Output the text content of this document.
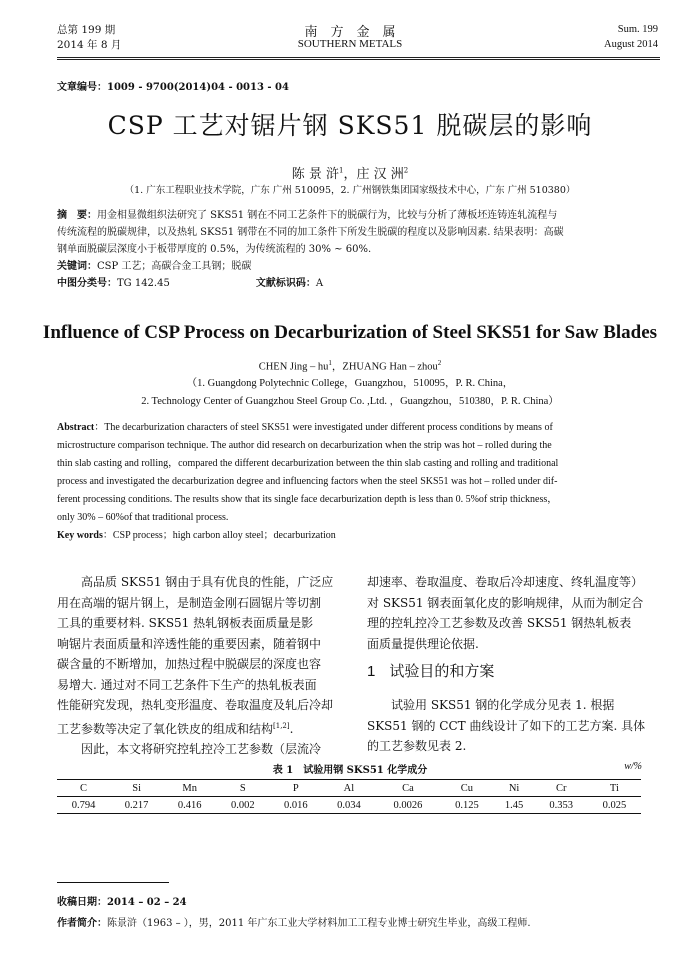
总第 199 期
2014 年 8 月
南　方　金　属
SOUTHERN METALS
Sum. 199
August 2014
文章编号：1009 - 9700(2014)04 - 0013 - 04
CSP 工艺对锯片钢 SKS51 脱碳层的影响
陈 景 浒$^1$，庄 汉 洲$^2$
（1. 广东工程职业技术学院，广东 广州 510095，2. 广州钢铁集团国家级技术中心，广东 广州 510380）

摘　要：用金相显微组织法研究了 SKS51 钢在不同工艺条件下的脱碳行为，比较与分析了薄板坯连铸连轧流程与

传统流程的脱碳规律，以及热轧 SKS51 钢带在不同的加工条件下所发生脱碳的程度以及影响因素. 结果表明：高碳

钢单面脱碳层深度小于板带厚度的 0.5%，为传统流程的 30% ~ 60%.

关键词：CSP 工艺；高碳合金工具钢；脱碳

中图分类号：TG 142.45	文献标识码：A

Influence of CSP Process on Decarburization of Steel SKS51 for Saw Blades
CHEN Jing – $hu^1$，ZHUANG Han – zhou$^2$
（1. Guangdong Polytechnic College，Guangzhou，510095，P. R. China，
2. Technology Center of Guangzhou Steel Group Co. ,Ltd. ，Guangzhou，510380，P. R. China）

Abstract：The decarburization characters of steel SKS51 were investigated under different process conditions by means of

microstructure comparison technique. The author did research on decarburization when the strip was hot – rolled during the

thin slab casting and rolling，compared the different decarburization between the thin slab casting and rolling and traditional

process and investigated the decarburization degree and influencing factors when the steel SKS51 was hot – rolled under dif-

ferent processing conditions. The results show that its single face decarburization depth is less than 0. 5%of strip thickness，

only 30% – 60%of that traditional process.

Key words：CSP process；high carbon alloy steel；decarburization

高品质 SKS51 钢由于具有优良的性能，广泛应

用在高端的锯片钢上，是制造金刚石圆锯片等切割

工具的重要材料. SKS51 热轧钢板表面质量是影

响锯片表面质量和淬透性能的重要因素，随着钢中

碳含量的不断增加，加热过程中脱碳层的深度也容

易增大. 通过对不同工艺条件下生产的热轧板表面

性能研究发现，热轧变形温度、卷取温度及轧后冷却

工艺参数等决定了氧化铁皮的组成和结构[1,2].

因此，本文将研究控轧控冷工艺参数（层流冷

却速率、卷取温度、卷取后冷却速度、终轧温度等）

对 SKS51 钢表面氧化皮的影响规律，从而为制定合

理的控轧控冷工艺参数及改善 SKS51 钢热轧板表

面质量提供理论依据.

1 试验目的和方案

试验用 SKS51 钢的化学成分见表 1. 根据

SKS51 钢的 CCT 曲线设计了如下的工艺方案. 具体

的工艺参数见表 2.

表 1　试验用钢 SKS51 化学成分	w/%
C	Si	Mn	S	P	Al	Ca	Cu	Ni	Cr	Ti
0.794	0.217	0.416	0.002	0.016	0.034	0.0026	0.125	1.45	0.353	0.025
收稿日期：2014 – 02 – 24
作者简介：陈景浒（1963 – ），男，2011 年广东工业大学材料加工工程专业博士研究生毕业，高级工程师.
